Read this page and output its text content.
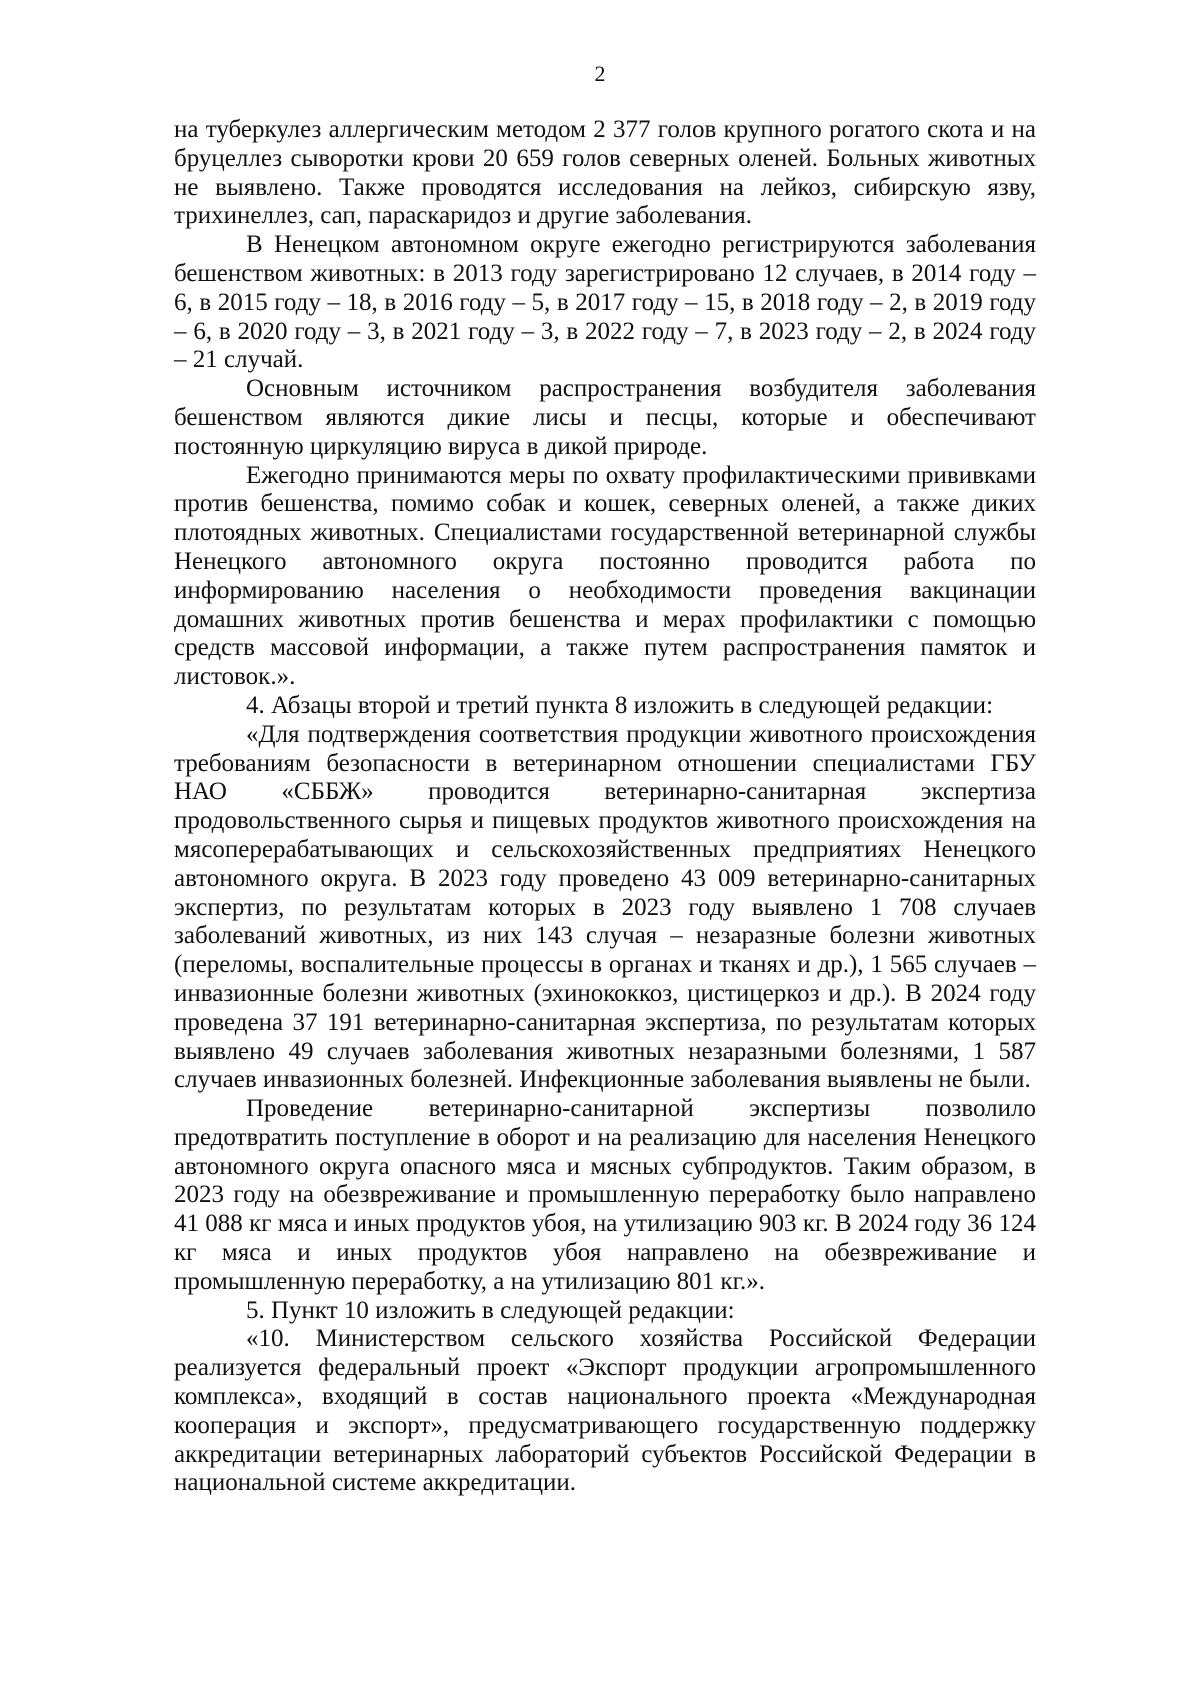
2

на туберкулез аллергическим методом 2 377 голов крупного рогатого скота и на бруцеллез сыворотки крови 20 659 голов северных оленей. Больных животных не выявлено. Также проводятся исследования на лейкоз, сибирскую язву, трихинеллез, сап, параскаридоз и другие заболевания.

В Ненецком автономном округе ежегодно регистрируются заболевания бешенством животных: в 2013 году зарегистрировано 12 случаев, в 2014 году – 6, в 2015 году – 18, в 2016 году – 5, в 2017 году – 15, в 2018 году – 2, в 2019 году – 6, в 2020 году – 3, в 2021 году – 3, в 2022 году – 7, в 2023 году – 2, в 2024 году – 21 случай.

Основным источником распространения возбудителя заболевания бешенством являются дикие лисы и песцы, которые и обеспечивают постоянную циркуляцию вируса в дикой природе.

Ежегодно принимаются меры по охвату профилактическими прививками против бешенства, помимо собак и кошек, северных оленей, а также диких плотоядных животных. Специалистами государственной ветеринарной службы Ненецкого автономного округа постоянно проводится работа по информированию населения о необходимости проведения вакцинации домашних животных против бешенства и мерах профилактики с помощью средств массовой информации, а также путем распространения памяток и листовок.».

4. Абзацы второй и третий пункта 8 изложить в следующей редакции:

«Для подтверждения соответствия продукции животного происхождения требованиям безопасности в ветеринарном отношении специалистами ГБУ НАО «СББЖ» проводится ветеринарно-санитарная экспертиза продовольственного сырья и пищевых продуктов животного происхождения на мясоперерабатывающих и сельскохозяйственных предприятиях Ненецкого автономного округа. В 2023 году проведено 43 009 ветеринарно-санитарных экспертиз, по результатам которых в 2023 году выявлено 1 708 случаев заболеваний животных, из них 143 случая – незаразные болезни животных (переломы, воспалительные процессы в органах и тканях и др.), 1 565 случаев – инвазионные болезни животных (эхинококкоз, цистицеркоз и др.). В 2024 году проведена 37 191 ветеринарно-санитарная экспертиза, по результатам которых выявлено 49 случаев заболевания животных незаразными болезнями, 1 587 случаев инвазионных болезней. Инфекционные заболевания выявлены не были.

Проведение ветеринарно-санитарной экспертизы позволило предотвратить поступление в оборот и на реализацию для населения Ненецкого автономного округа опасного мяса и мясных субпродуктов. Таким образом, в 2023 году на обезвреживание и промышленную переработку было направлено 41 088 кг мяса и иных продуктов убоя, на утилизацию 903 кг. В 2024 году 36 124 кг мяса и иных продуктов убоя направлено на обезвреживание и промышленную переработку, а на утилизацию 801 кг.».

5. Пункт 10 изложить в следующей редакции:

«10. Министерством сельского хозяйства Российской Федерации реализуется федеральный проект «Экспорт продукции агропромышленного комплекса», входящий в состав национального проекта «Международная кооперация и экспорт», предусматривающего государственную поддержку аккредитации ветеринарных лабораторий субъектов Российской Федерации в национальной системе аккредитации.
